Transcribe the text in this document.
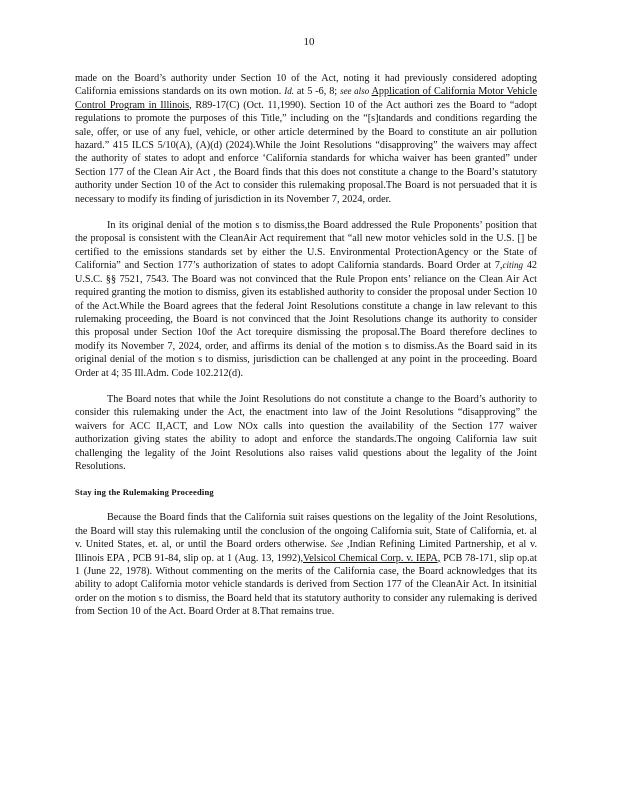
10

made on the Board’s authority under Section 10 of the Act, noting it had previously considered adopting California emissions standards on its own motion. Id. at 5 -6, 8; see also Application of California Motor Vehicle Control Program in Illinois, R89-17(C) (Oct. 11,1990). Section 10 of the Act authori zes the Board to “adopt regulations to promote the purposes of this Title,” including on the “[s]tandards and conditions regarding the sale, offer, or use of any fuel, vehicle, or other article determined by the Board to constitute an air pollution hazard.” 415 ILCS 5/10(A), (A)(d) (2024).While the Joint Resolutions “disapproving” the waivers may affect the authority of states to adopt and enforce ‘California standards for whicha waiver has been granted” under Section 177 of the Clean Air Act , the Board finds that this does not constitute a change to the Board’s statutory authority under Section 10 of the Act to consider this rulemaking proposal.The Board is not persuaded that it is necessary to modify its finding of jurisdiction in its November 7, 2024, order.

In its original denial of the motion s to dismiss,the Board addressed the Rule Proponents’ position that the proposal is consistent with the CleanAir Act requirement that “all new motor vehicles sold in the U.S. [] be certified to the emissions standards set by either the U.S. Environmental ProtectionAgency or the State of California” and Section 177’s authorization of states to adopt California standards. Board Order at 7,citing 42 U.S.C. §§ 7521, 7543. The Board was not convinced that the Rule Propon ents’ reliance on the Clean Air Act required granting the motion to dismiss, given its established authority to consider the proposal under Section 10 of the Act.While the Board agrees that the federal Joint Resolutions constitute a change in law relevant to this rulemaking proceeding, the Board is not convinced that the Joint Resolutions change its authority to consider this proposal under Section 10of the Act torequire dismissing the proposal.The Board therefore declines to modify its November 7, 2024, order, and affirms its denial of the motion s to dismiss.As the Board said in its original denial of the motion s to dismiss, jurisdiction can be challenged at any point in the proceeding. Board Order at 4; 35 Ill.Adm. Code 102.212(d).

The Board notes that while the Joint Resolutions do not constitute a change to the Board’s authority to consider this rulemaking under the Act, the enactment into law of the Joint Resolutions “disapproving” the waivers for ACC II,ACT, and Low NOx calls into question the availability of the Section 177 waiver authorization giving states the ability to adopt and enforce the standards.The ongoing California law suit challenging the legality of the Joint Resolutions also raises valid questions about the legality of the Joint Resolutions.

Stay ing the Rulemaking Proceeding

Because the Board finds that the California suit raises questions on the legality of the Joint Resolutions, the Board will stay this rulemaking until the conclusion of the ongoing California suit, State of California, et. al v. United States, et. al, or until the Board orders otherwise. See ,Indian Refining Limited Partnership, et al v. Illinois EPA , PCB 91-84, slip op. at 1 (Aug. 13, 1992),Velsicol Chemical Corp. v. IEPA, PCB 78-171, slip op.at 1 (June 22, 1978). Without commenting on the merits of the California case, the Board acknowledges that its ability to adopt California motor vehicle standards is derived from Section 177 of the CleanAir Act. In itsinitial order on the motion s to dismiss, the Board held that its statutory authority to consider any rulemaking is derived from Section 10 of the Act. Board Order at 8.That remains true.
